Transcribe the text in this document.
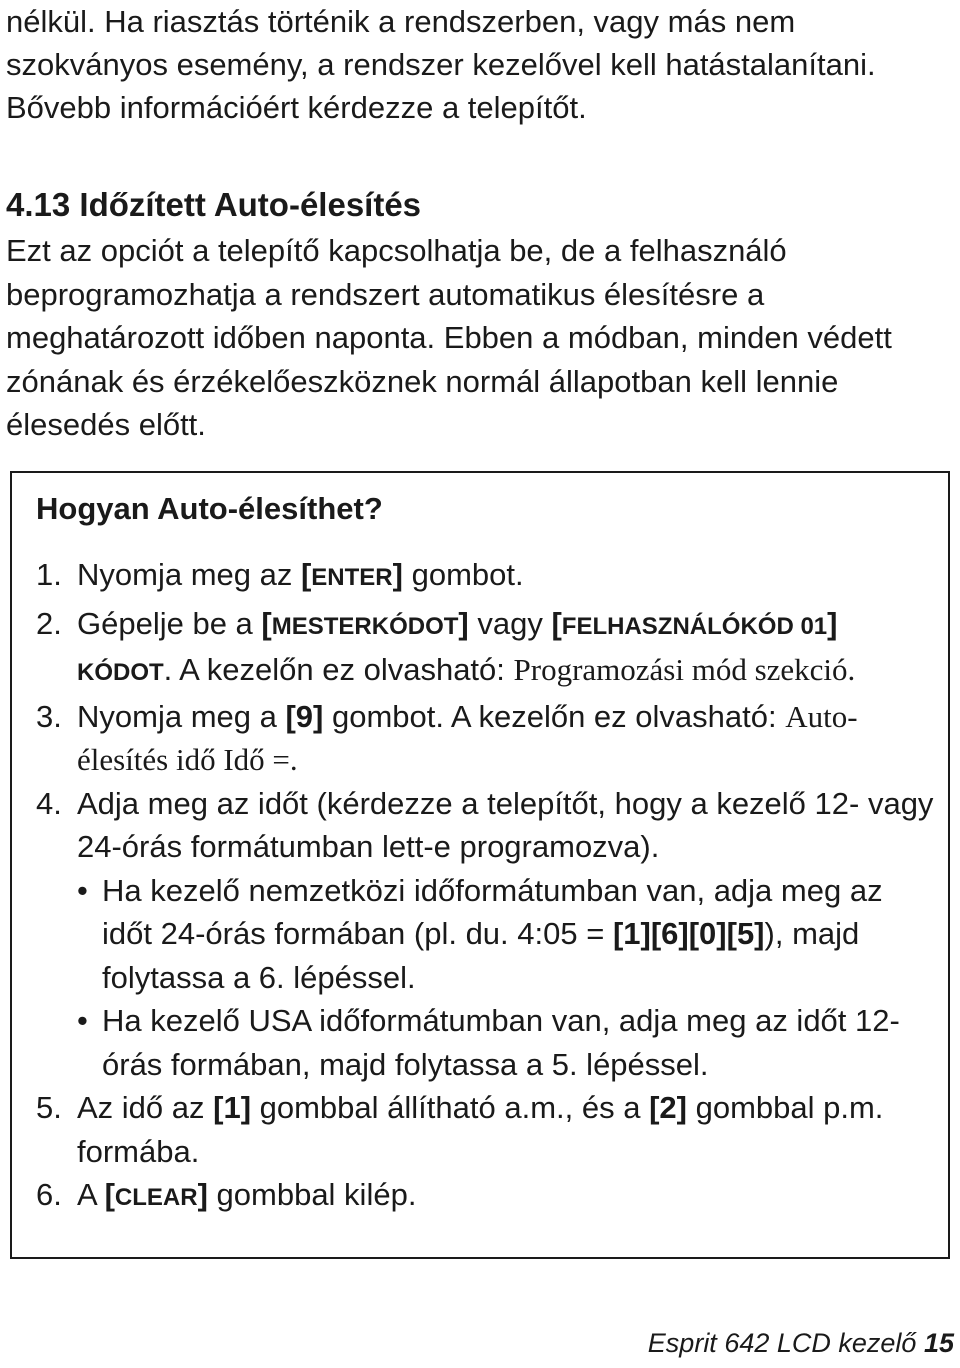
nélkül. Ha riasztás történik a rendszerben, vagy más nem szokványos esemény, a rendszer kezelővel kell hatástalanítani. Bővebb információért kérdezze a telepítőt.
4.13 Időzített Auto-élesítés
Ezt az opciót a telepítő kapcsolhatja be, de a felhasználó beprogramozhatja a rendszert automatikus élesítésre a meghatározott időben naponta. Ebben a módban, minden védett zónának és érzékelőeszköznek normál állapotban kell lennie élesedés előtt.
Hogyan Auto-élesíthet?
1. Nyomja meg az [ENTER] gombot.
2. Gépelje be a [MESTERKÓDOT] vagy [FELHASZNÁLÓKÓD 01] KÓDOT. A kezelőn ez olvasható: Programozási mód szekció.
3. Nyomja meg a [9] gombot. A kezelőn ez olvasható: Auto-élesítés idő Idő =.
4. Adja meg az időt (kérdezze a telepítőt, hogy a kezelő 12- vagy 24-órás formátumban lett-e programozva).
• Ha kezelő nemzetközi időformátumban van, adja meg az időt 24-órás formában (pl. du. 4:05 = [1][6][0][5]), majd folytassa a 6. lépéssel.
• Ha kezelő USA időformátumban van, adja meg az időt 12-órás formában, majd folytassa a 5. lépéssel.
5. Az idő az [1] gombbal állítható a.m., és a [2] gombbal p.m. formába.
6. A [CLEAR] gombbal kilép.
Esprit 642 LCD kezelő 15
